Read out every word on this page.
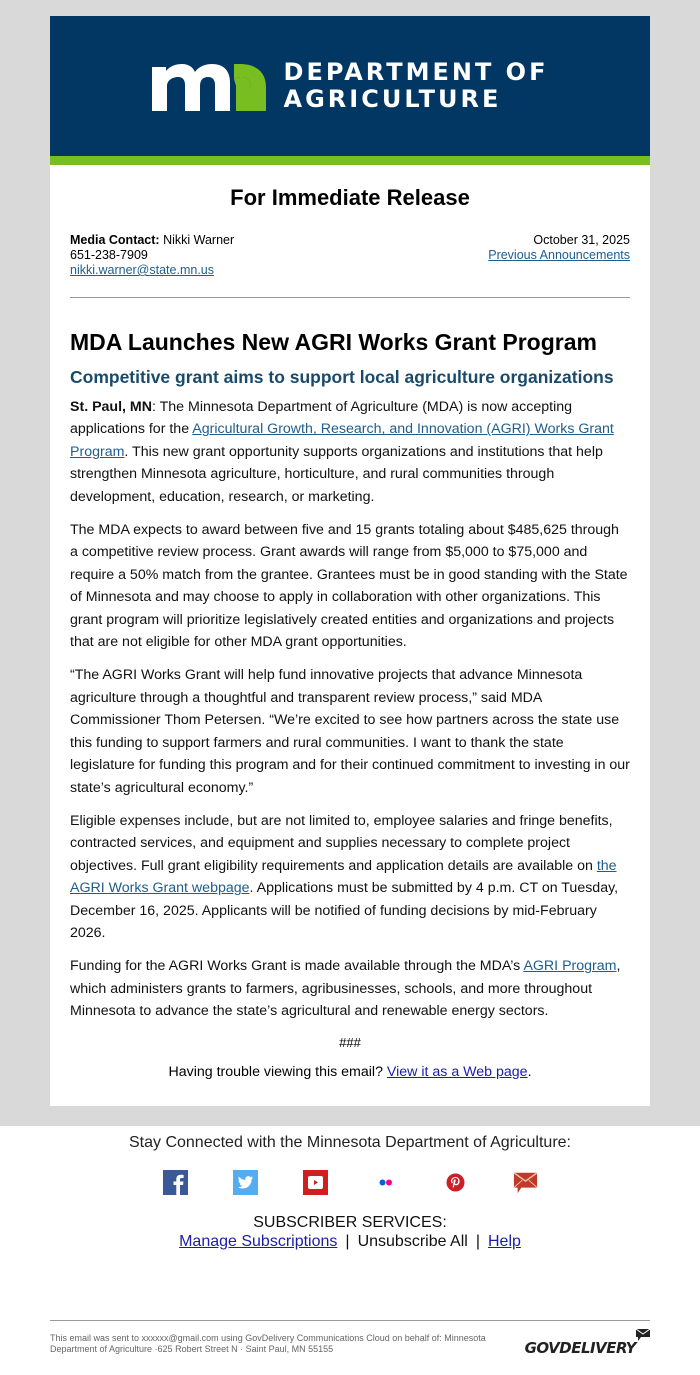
DEPARTMENT OF
AGRICULTURE
For Immediate Release
Media Contact: Nikki Warner
651-238-7909
nikki.warner@state.mn.us
October 31, 2025
Previous Announcements
MDA Launches New AGRI Works Grant Program
Competitive grant aims to support local agriculture organizations

St. Paul, MN: The Minnesota Department of Agriculture (MDA) is now accepting applications for the Agricultural Growth, Research, and Innovation (AGRI) Works Grant Program. This new grant opportunity supports organizations and institutions that help strengthen Minnesota agriculture, horticulture, and rural communities through development, education, research, or marketing.

The MDA expects to award between five and 15 grants totaling about $485,625 through a competitive review process. Grant awards will range from $5,000 to $75,000 and require a 50% match from the grantee. Grantees must be in good standing with the State of Minnesota and may choose to apply in collaboration with other organizations. This grant program will prioritize legislatively created entities and organizations and projects that are not eligible for other MDA grant opportunities.

“The AGRI Works Grant will help fund innovative projects that advance Minnesota agriculture through a thoughtful and transparent review process,” said MDA Commissioner Thom Petersen. “We’re excited to see how partners across the state use this funding to support farmers and rural communities. I want to thank the state legislature for funding this program and for their continued commitment to investing in our state’s agricultural economy.”

Eligible expenses include, but are not limited to, employee salaries and fringe benefits, contracted services, and equipment and supplies necessary to complete project objectives. Full grant eligibility requirements and application details are available on the AGRI Works Grant webpage. Applications must be submitted by 4 p.m. CT on Tuesday, December 16, 2025. Applicants will be notified of funding decisions by mid-February 2026.

Funding for the AGRI Works Grant is made available through the MDA’s AGRI Program, which administers grants to farmers, agribusinesses, schools, and more throughout Minnesota to advance the state’s agricultural and renewable energy sectors.

###
Having trouble viewing this email? View it as a Web page.
Stay Connected with the Minnesota Department of Agriculture:
SUBSCRIBER SERVICES:
Manage Subscriptions | Unsubscribe All | Help
This email was sent to xxxxxx@gmail.com using GovDelivery Communications Cloud on behalf of: Minnesota Department of Agriculture ·625 Robert Street N · Saint Paul, MN 55155	GOVDELIVERY
